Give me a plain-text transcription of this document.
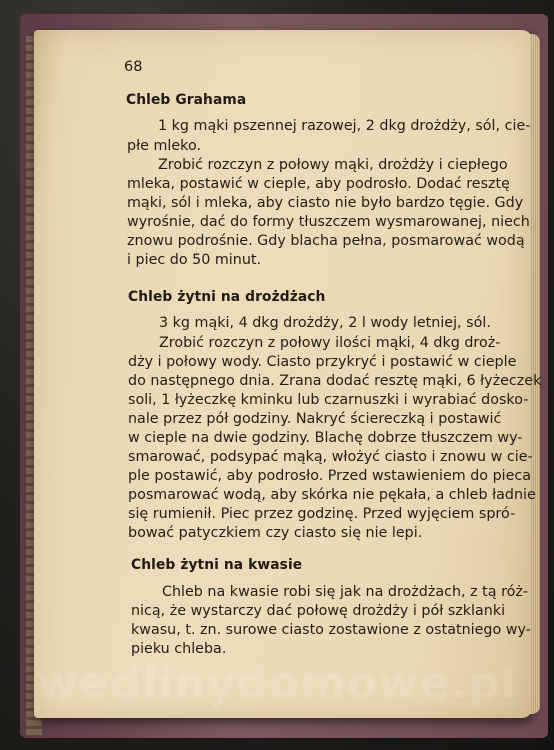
68
Chleb Grahama
1 kg mąki pszennej razowej, 2 dkg drożdży, sól, cie-
płe mleko.
Zrobić rozczyn z połowy mąki, drożdży i ciepłego
mleka, postawić w cieple, aby podrosło. Dodać resztę
mąki, sól i mleka, aby ciasto nie było bardzo tęgie. Gdy
wyrośnie, dać do formy tłuszczem wysmarowanej, niech
znowu podrośnie. Gdy blacha pełna, posmarować wodą
i piec do 50 minut.
Chleb żytni na drożdżach
3 kg mąki, 4 dkg drożdży, 2 l wody letniej, sól.
Zrobić rozczyn z połowy ilości mąki, 4 dkg droż-
dży i połowy wody. Ciasto przykryć i postawić w cieple
do następnego dnia. Zrana dodać resztę mąki, 6 łyżeczek
soli, 1 łyżeczkę kminku lub czarnuszki i wyrabiać dosko-
nale przez pół godziny. Nakryć ściereczką i postawić
w cieple na dwie godziny. Blachę dobrze tłuszczem wy-
smarować, podsypać mąką, włożyć ciasto i znowu w cie-
ple postawić, aby podrosło. Przed wstawieniem do pieca
posmarować wodą, aby skórka nie pękała, a chleb ładnie
się rumienił. Piec przez godzinę. Przed wyjęciem spró-
bować patyczkiem czy ciasto się nie lepi.
Chleb żytni na kwasie
Chleb na kwasie robi się jak na drożdżach, z tą róż-
nicą, że wystarczy dać połowę drożdży i pół szklanki
kwasu, t. zn. surowe ciasto zostawione z ostatniego wy-
pieku chleba.
